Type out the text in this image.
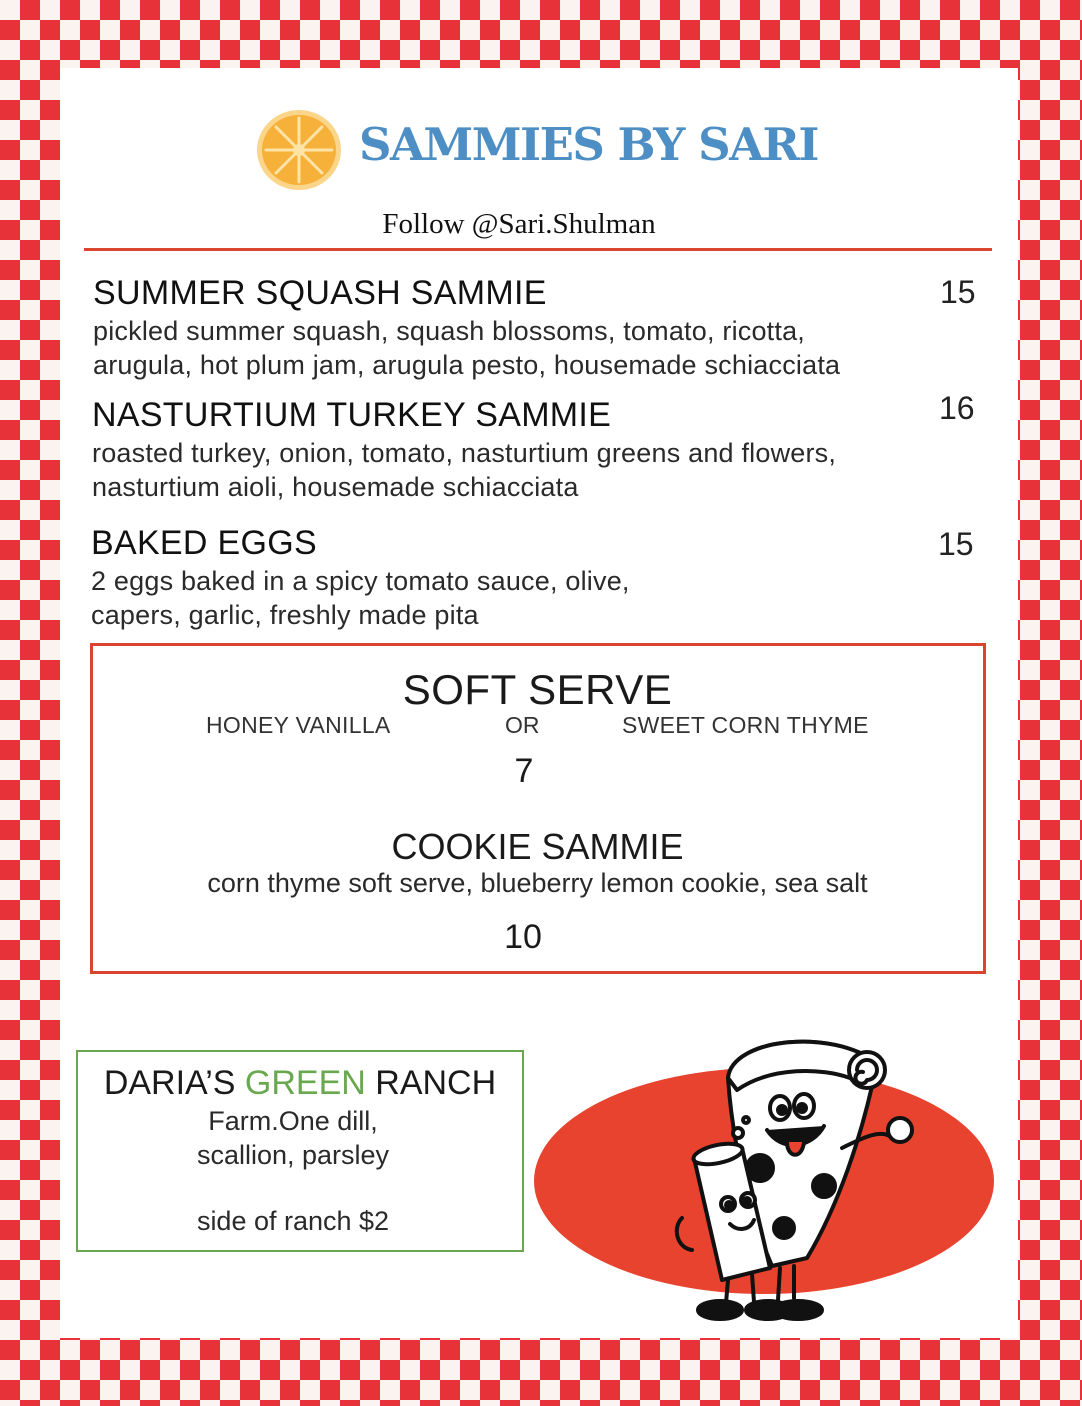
SAMMIES BY SARI
Follow @Sari.Shulman
SUMMER SQUASH SAMMIE	15
pickled summer squash, squash blossoms, tomato, ricotta,
arugula, hot plum jam, arugula pesto, housemade schiacciata
NASTURTIUM TURKEY SAMMIE	16
roasted turkey, onion, tomato, nasturtium greens and flowers,
nasturtium aioli, housemade schiacciata
BAKED EGGS	15
2 eggs baked in a spicy tomato sauce, olive,
capers, garlic, freshly made pita
SOFT SERVE
HONEY VANILLA	OR	SWEET CORN THYME
7
COOKIE SAMMIE
corn thyme soft serve, blueberry lemon cookie, sea salt
10
DARIA’S GREEN RANCH
Farm.One dill,
scallion, parsley
side of ranch $2
